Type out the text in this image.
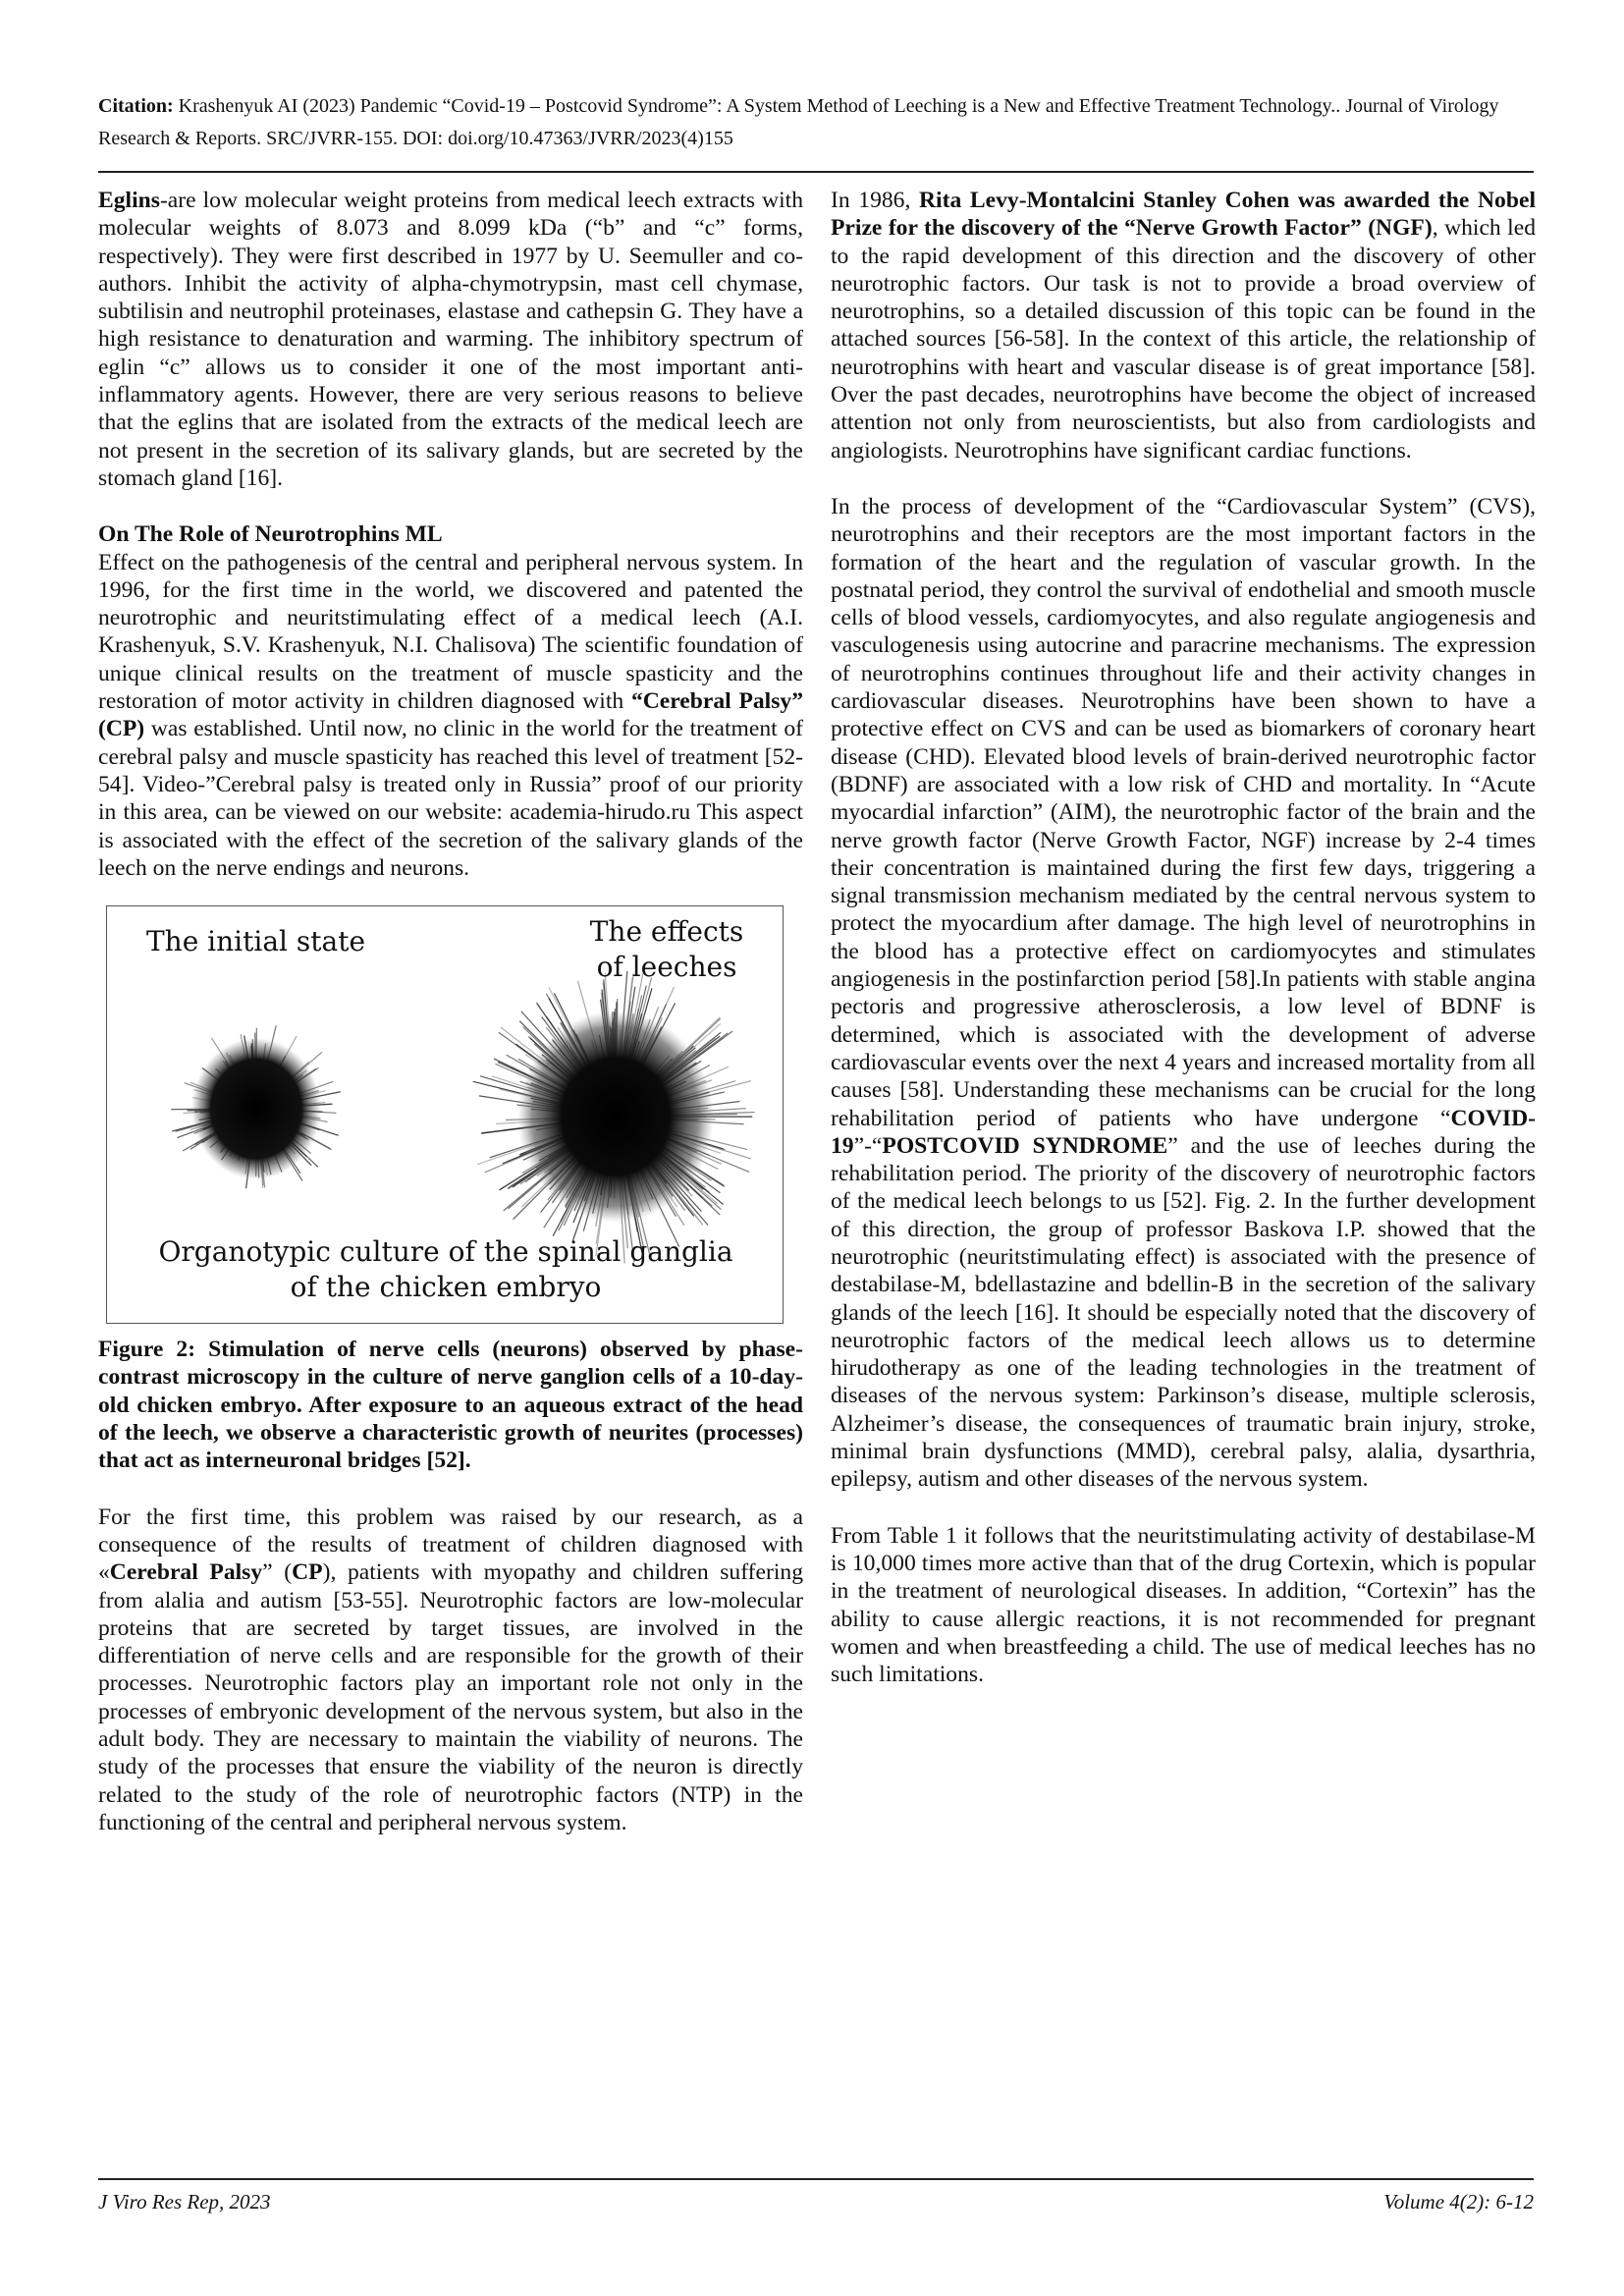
Citation: Krashenyuk AI (2023) Pandemic “Covid-19 – Postcovid Syndrome”: A System Method of Leeching is a New and Effective Treatment Technology.. Journal of Virology Research & Reports. SRC/JVRR-155. DOI: doi.org/10.47363/JVRR/2023(4)155

Eglins-are low molecular weight proteins from medical leech extracts with molecular weights of 8.073 and 8.099 kDa (“b” and “c” forms, respectively). They were first described in 1977 by U. Seemuller and co-authors. Inhibit the activity of alpha-chymotrypsin, mast cell chymase, subtilisin and neutrophil proteinases, elastase and cathepsin G. They have a high resistance to denaturation and warming. The inhibitory spectrum of eglin “c” allows us to consider it one of the most important anti-inflammatory agents. However, there are very serious reasons to believe that the eglins that are isolated from the extracts of the medical leech are not present in the secretion of its salivary glands, but are secreted by the stomach gland [16].

On The Role of Neurotrophins ML

Effect on the pathogenesis of the central and peripheral nervous system. In 1996, for the first time in the world, we discovered and patented the neurotrophic and neuritstimulating effect of a medical leech (A.I. Krashenyuk, S.V. Krashenyuk, N.I. Chalisova) The scientific foundation of unique clinical results on the treatment of muscle spasticity and the restoration of motor activity in children diagnosed with “Cerebral Palsy” (CP) was established. Until now, no clinic in the world for the treatment of cerebral palsy and muscle spasticity has reached this level of treatment [52-54]. Video-”Cerebral palsy is treated only in Russia” proof of our priority in this area, can be viewed on our website: academia-hirudo.ru This aspect is associated with the effect of the secretion of the salivary glands of the leech on the nerve endings and neurons.

The initial state	The effects
of leeches
Organotypic culture of the spinal ganglia
of the chicken embryo

Figure 2: Stimulation of nerve cells (neurons) observed by phase-contrast microscopy in the culture of nerve ganglion cells of a 10-day-old chicken embryo. After exposure to an aqueous extract of the head of the leech, we observe a characteristic growth of neurites (processes) that act as interneuronal bridges [52].

For the first time, this problem was raised by our research, as a consequence of the results of treatment of children diagnosed with «Cerebral Palsy” (CP), patients with myopathy and children suffering from alalia and autism [53-55]. Neurotrophic factors are low-molecular proteins that are secreted by target tissues, are involved in the differentiation of nerve cells and are responsible for the growth of their processes. Neurotrophic factors play an important role not only in the processes of embryonic development of the nervous system, but also in the adult body. They are necessary to maintain the viability of neurons. The study of the processes that ensure the viability of the neuron is directly related to the study of the role of neurotrophic factors (NTP) in the functioning of the central and peripheral nervous system.

In 1986, Rita Levy-Montalcini Stanley Cohen was awarded the Nobel Prize for the discovery of the “Nerve Growth Factor” (NGF), which led to the rapid development of this direction and the discovery of other neurotrophic factors. Our task is not to provide a broad overview of neurotrophins, so a detailed discussion of this topic can be found in the attached sources [56-58]. In the context of this article, the relationship of neurotrophins with heart and vascular disease is of great importance [58]. Over the past decades, neurotrophins have become the object of increased attention not only from neuroscientists, but also from cardiologists and angiologists. Neurotrophins have significant cardiac functions.

In the process of development of the “Cardiovascular System” (CVS), neurotrophins and their receptors are the most important factors in the formation of the heart and the regulation of vascular growth. In the postnatal period, they control the survival of endothelial and smooth muscle cells of blood vessels, cardiomyocytes, and also regulate angiogenesis and vasculogenesis using autocrine and paracrine mechanisms. The expression of neurotrophins continues throughout life and their activity changes in cardiovascular diseases. Neurotrophins have been shown to have a protective effect on CVS and can be used as biomarkers of coronary heart disease (CHD). Elevated blood levels of brain-derived neurotrophic factor (BDNF) are associated with a low risk of CHD and mortality. In “Acute myocardial infarction” (AIM), the neurotrophic factor of the brain and the nerve growth factor (Nerve Growth Factor, NGF) increase by 2-4 times their concentration is maintained during the first few days, triggering a signal transmission mechanism mediated by the central nervous system to protect the myocardium after damage. The high level of neurotrophins in the blood has a protective effect on cardiomyocytes and stimulates angiogenesis in the postinfarction period [58].In patients with stable angina pectoris and progressive atherosclerosis, a low level of BDNF is determined, which is associated with the development of adverse cardiovascular events over the next 4 years and increased mortality from all causes [58]. Understanding these mechanisms can be crucial for the long rehabilitation period of patients who have undergone “COVID-19”-“POSTCOVID SYNDROME” and the use of leeches during the rehabilitation period. The priority of the discovery of neurotrophic factors of the medical leech belongs to us [52]. Fig. 2. In the further development of this direction, the group of professor Baskova I.P. showed that the neurotrophic (neuritstimulating effect) is associated with the presence of destabilase-M, bdellastazine and bdellin-B in the secretion of the salivary glands of the leech [16]. It should be especially noted that the discovery of neurotrophic factors of the medical leech allows us to determine hirudotherapy as one of the leading technologies in the treatment of diseases of the nervous system: Parkinson’s disease, multiple sclerosis, Alzheimer’s disease, the consequences of traumatic brain injury, stroke, minimal brain dysfunctions (MMD), cerebral palsy, alalia, dysarthria, epilepsy, autism and other diseases of the nervous system.

From Table 1 it follows that the neuritstimulating activity of destabilase-M is 10,000 times more active than that of the drug Cortexin, which is popular in the treatment of neurological diseases. In addition, “Cortexin” has the ability to cause allergic reactions, it is not recommended for pregnant women and when breastfeeding a child. The use of medical leeches has no such limitations.

J Viro Res Rep, 2023	Volume 4(2): 6-12
